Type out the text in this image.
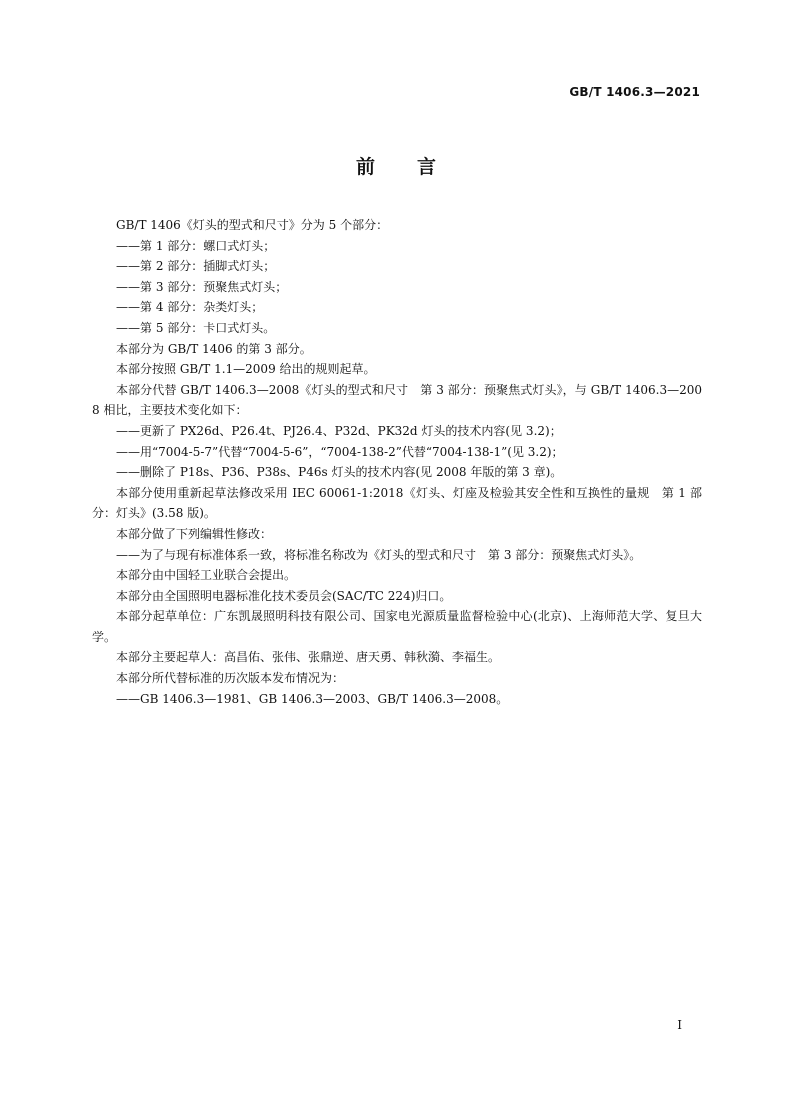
GB/T 1406.3—2021
前言

GB/T 1406《灯头的型式和尺寸》分为 5 个部分：

——第 1 部分：螺口式灯头；

——第 2 部分：插脚式灯头；

——第 3 部分：预聚焦式灯头；

——第 4 部分：杂类灯头；

——第 5 部分：卡口式灯头。

本部分为 GB/T 1406 的第 3 部分。

本部分按照 GB/T 1.1—2009 给出的规则起草。

本部分代替 GB/T 1406.3—2008《灯头的型式和尺寸　第 3 部分：预聚焦式灯头》，与 GB/T 1406.3—2008 相比，主要技术变化如下：

——更新了 PX26d、P26.4t、PJ26.4、P32d、PK32d 灯头的技术内容(见 3.2)；

——用“7004-5-7”代替“7004-5-6”，“7004-138-2”代替“7004-138-1”(见 3.2)；

——删除了 P18s、P36、P38s、P46s 灯头的技术内容(见 2008 年版的第 3 章)。

本部分使用重新起草法修改采用 IEC 60061-1:2018《灯头、灯座及检验其安全性和互换性的量规　第 1 部分：灯头》(3.58 版)。

本部分做了下列编辑性修改：

——为了与现有标准体系一致，将标准名称改为《灯头的型式和尺寸　第 3 部分：预聚焦式灯头》。

本部分由中国轻工业联合会提出。

本部分由全国照明电器标准化技术委员会(SAC/TC 224)归口。

本部分起草单位：广东凯晟照明科技有限公司、国家电光源质量监督检验中心(北京)、上海师范大学、复旦大学。

本部分主要起草人：高昌佑、张伟、张鼎逆、唐天勇、韩秋漪、李福生。

本部分所代替标准的历次版本发布情况为：

——GB 1406.3—1981、GB 1406.3—2003、GB/T 1406.3—2008。

I
